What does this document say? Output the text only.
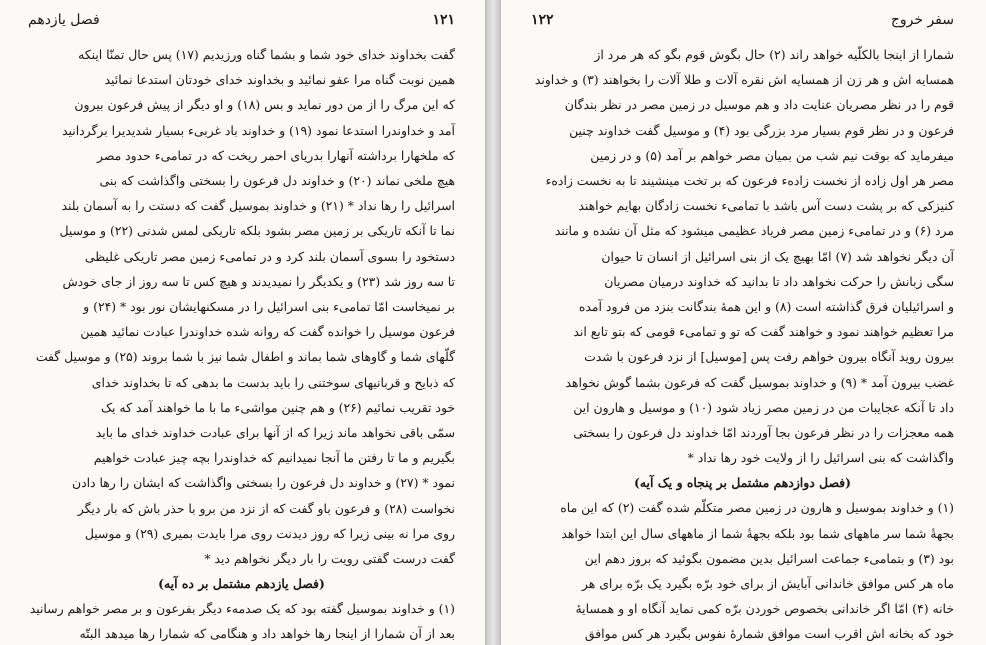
فصل یازدهم	۱۲۱

گفت بخداوند خدای خود شما و بشما گناه ورزیدیم (۱۷) پس حال تمنّا اینکه

همین نوبت گناه مرا عفو نمائید و بخداوند خدای خودتان استدعا نمائید

که این مرگ را از من دور نماید و بس (۱۸) و او دیگر از پیش فرعون بیرون

آمد و خداوندرا استدعا نمود (۱۹) و خداوند باد غربیء بسیار شدیدیرا برگردانید

که ملخهارا برداشته آنهارا بدریای احمر ریخت که در تمامیء حدود مصر

هیچ ملخی نماند (۲۰) و خداوند دل فرعون را بسختی واگذاشت که بنی

اسرائیل را رها نداد * (۲۱) و خداوند بموسیل گفت که دستت را به آسمان بلند

نما تا آنکه تاریکی بر زمین مصر بشود بلکه تاریکی لمس شدنی (۲۲) و موسیل

دستخود را بسوی آسمان بلند کرد و در تمامیء زمین مصر تاریکی غلیظی

تا سه روز شد (۲۳) و یکدیگر را نمیدیدند و هیچ کس تا سه روز از جای خودش

بر نمیخاست امّا تمامیء بنی اسرائیل را در مسکنهایشان نور بود * (۲۴) و

فرعون موسیل را خوانده گفت که روانه شده خداوندرا عبادت نمائید همین

گلّهای شما و گاوهای شما بماند و اطفال شما نیز با شما بروند (۲۵) و موسیل گفت

که ذبایح و قربانیهای سوختنی را باید بدست ما بدهی که تا بخداوند خدای

خود تقریب نمائیم (۲۶) و هم چنین مواشیء ما با ما خواهند آمد که یک

سمّی باقی نخواهد ماند زیرا که از آنها برای عبادت خداوند خدای ما باید

بگیریم و ما تا رفتن ما آنجا نمیدانیم که خداوندرا بچه چیز عبادت خواهیم

نمود * (۲۷) و خداوند دل فرعون را بسختی واگذاشت که ایشان را رها دادن

نخواست (۲۸) و فرعون باو گفت که از نزد من برو با حذر باش که بار دیگر

روی مرا نه بینی زیرا که روز دیدنت روی مرا بایدت بمیری (۲۹) و موسیل

گفت درست گفتی رویت را بار دیگر نخواهم دید *

(فصل یازدهم مشتمل بر ده آیه)

(۱) و خداوند بموسیل گفته بود که یک صدمهء دیگر بفرعون و بر مصر خواهم رسانید

بعد از آن شمارا از اینجا رها خواهد داد و هنگامی که شمارا رها میدهد البتّه

۱۲۲	سفر خروج

شمارا از اینجا بالکلّیه خواهد راند (۲) حال بگوش قوم بگو که هر مرد از

همسایه اش و هر زن از همسایه اش نقره آلات و طلا آلات را بخواهند (۳) و خداوند

قوم را در نظر مصریان عنایت داد و هم موسیل در زمین مصر در نظر بندگان

فرعون و در نظر قوم بسیار مرد بزرگی بود (۴) و موسیل گفت خداوند چنین

میفرماید که بوقت نیم شب من بمیان مصر خواهم بر آمد (۵) و در زمین

مصر هر اول زاده از نخست زادهء فرعون که بر تخت مینشیند تا به نخست زادهء

کنیزکی که بر پشت دست آس باشد با تمامیء نخست زادگان بهایم خواهند

مرد (۶) و در تمامیء زمین مصر فریاد عظیمی میشود که مثل آن نشده و مانند

آن دیگر نخواهد شد (۷) امّا بهیچ یک از بنی اسرائیل از انسان تا حیوان

سگی زبانش را حرکت نخواهد داد تا بدانید که خداوند درمیان مصریان

و اسرائیلیان فرق گذاشته است (۸) و این همهٔ بندگانت بنزد من فرود آمده

مرا تعظیم خواهند نمود و خواهند گفت که تو و تمامیء قومی که بتو تابع اند

بیرون روید آنگاه بیرون خواهم رفت پس [موسیل] از نزد فرعون با شدت

غضب بیرون آمد * (۹) و خداوند بموسیل گفت که فرعون بشما گوش نخواهد

داد تا آنکه عجایبات من در زمین مصر زیاد شود (۱۰) و موسیل و هارون این

همه معجزات را در نظر فرعون بجا آوردند امّا خداوند دل فرعون را بسختی

واگذاشت که بنی اسرائیل را از ولایت خود رها نداد *

(فصل دوازدهم مشتمل بر پنجاه و یک آیه)

(۱) و خداوند بموسیل و هارون در زمین مصر متکلّم شده گفت (۲) که این ماه

بجهةٔ شما سر ماههای شما بود بلکه بجهةٔ شما از ماههای سال این ابتدا خواهد

بود (۳) و بتمامیء جماعت اسرائیل بدین مضمون بگوئید که بروز دهم این

ماه هر کس موافق خاندانی آبایش از برای خود برّه بگیرد یک برّه برای هر

خانه (۴) امّا اگر خاندانی بخصوص خوردن برّه کمی نماید آنگاه او و همسایهٔ

خود که بخانه اش اقرب است موافق شمارهٔ نفوس بگیرد هر کس موافق
